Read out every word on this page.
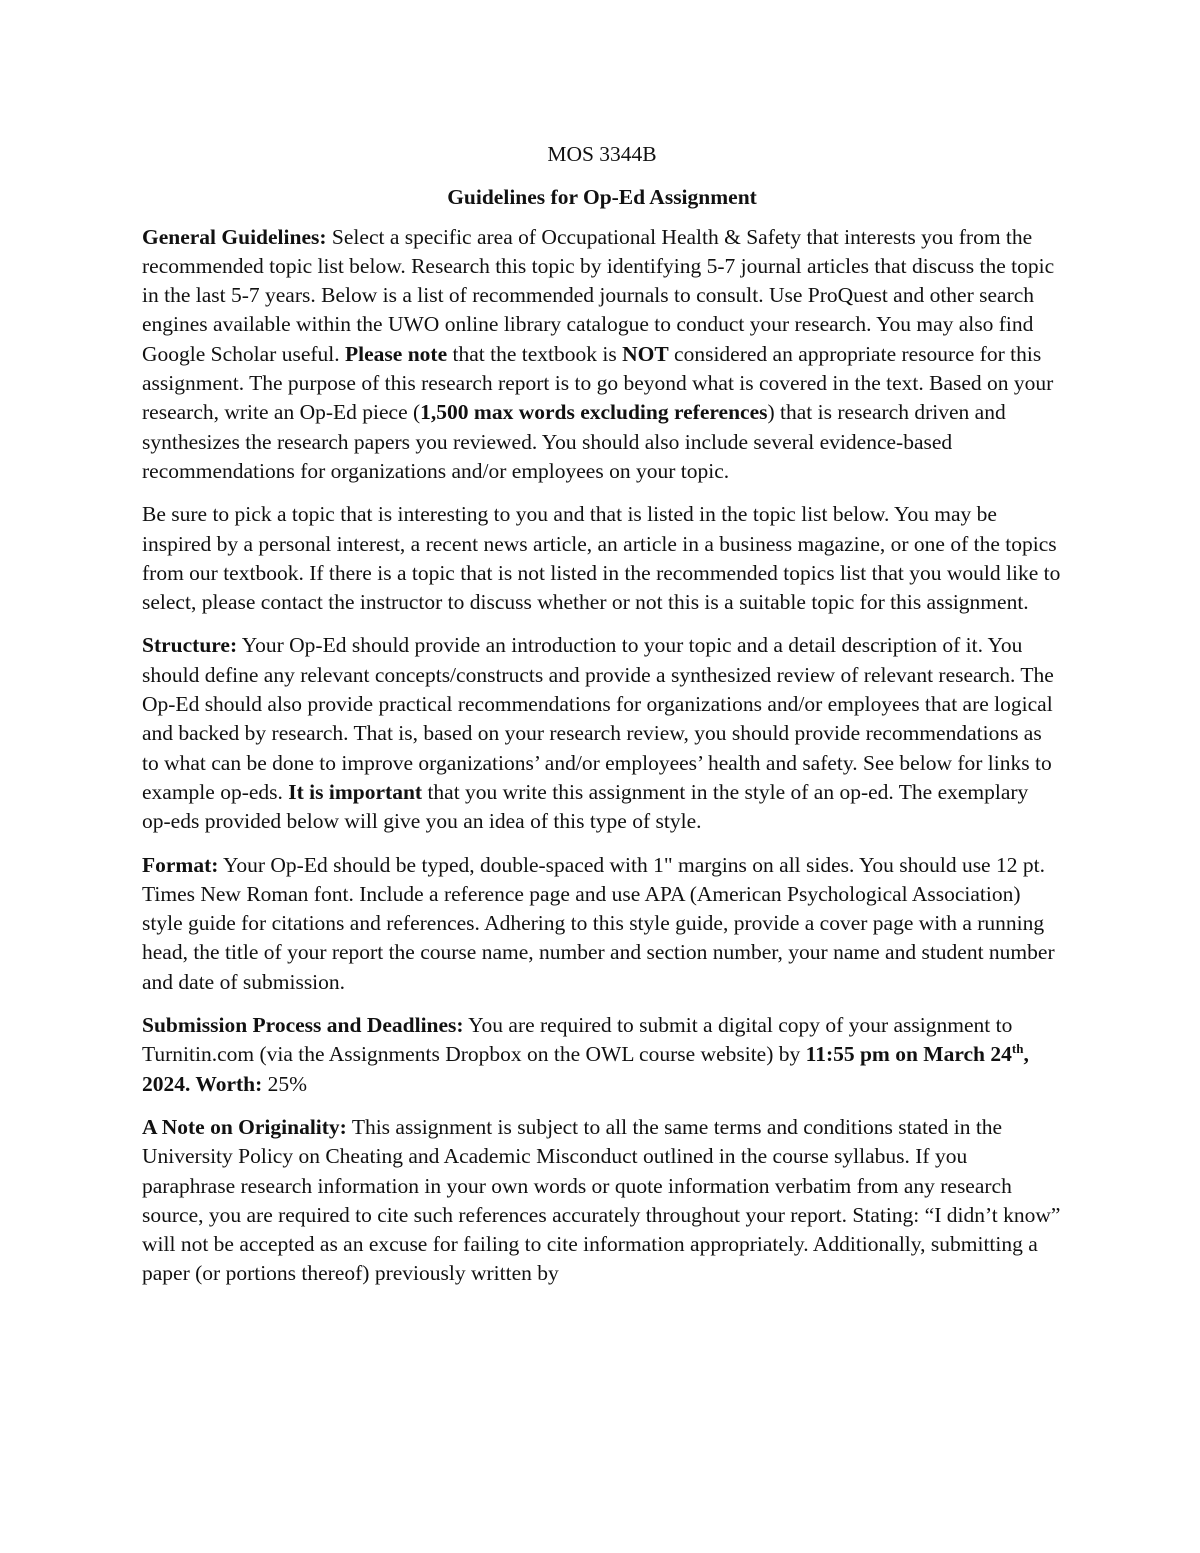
MOS 3344B

Guidelines for Op-Ed Assignment

General Guidelines: Select a specific area of Occupational Health & Safety that interests you from the recommended topic list below. Research this topic by identifying 5-7 journal articles that discuss the topic in the last 5-7 years. Below is a list of recommended journals to consult. Use ProQuest and other search engines available within the UWO online library catalogue to conduct your research. You may also find Google Scholar useful. Please note that the textbook is NOT considered an appropriate resource for this assignment. The purpose of this research report is to go beyond what is covered in the text. Based on your research, write an Op-Ed piece (1,500 max words excluding references) that is research driven and synthesizes the research papers you reviewed. You should also include several evidence-based recommendations for organizations and/or employees on your topic.

Be sure to pick a topic that is interesting to you and that is listed in the topic list below. You may be inspired by a personal interest, a recent news article, an article in a business magazine, or one of the topics from our textbook. If there is a topic that is not listed in the recommended topics list that you would like to select, please contact the instructor to discuss whether or not this is a suitable topic for this assignment.

Structure: Your Op-Ed should provide an introduction to your topic and a detail description of it. You should define any relevant concepts/constructs and provide a synthesized review of relevant research. The Op-Ed should also provide practical recommendations for organizations and/or employees that are logical and backed by research. That is, based on your research review, you should provide recommendations as to what can be done to improve organizations’ and/or employees’ health and safety. See below for links to example op-eds. It is important that you write this assignment in the style of an op-ed. The exemplary op-eds provided below will give you an idea of this type of style.

Format: Your Op-Ed should be typed, double-spaced with 1" margins on all sides. You should use 12 pt. Times New Roman font. Include a reference page and use APA (American Psychological Association) style guide for citations and references. Adhering to this style guide, provide a cover page with a running head, the title of your report the course name, number and section number, your name and student number and date of submission.

Submission Process and Deadlines: You are required to submit a digital copy of your assignment to Turnitin.com (via the Assignments Dropbox on the OWL course website) by 11:55 pm on March 24th, 2024. Worth: 25%

A Note on Originality: This assignment is subject to all the same terms and conditions stated in the University Policy on Cheating and Academic Misconduct outlined in the course syllabus. If you paraphrase research information in your own words or quote information verbatim from any research source, you are required to cite such references accurately throughout your report. Stating: “I didn’t know” will not be accepted as an excuse for failing to cite information appropriately. Additionally, submitting a paper (or portions thereof) previously written by
